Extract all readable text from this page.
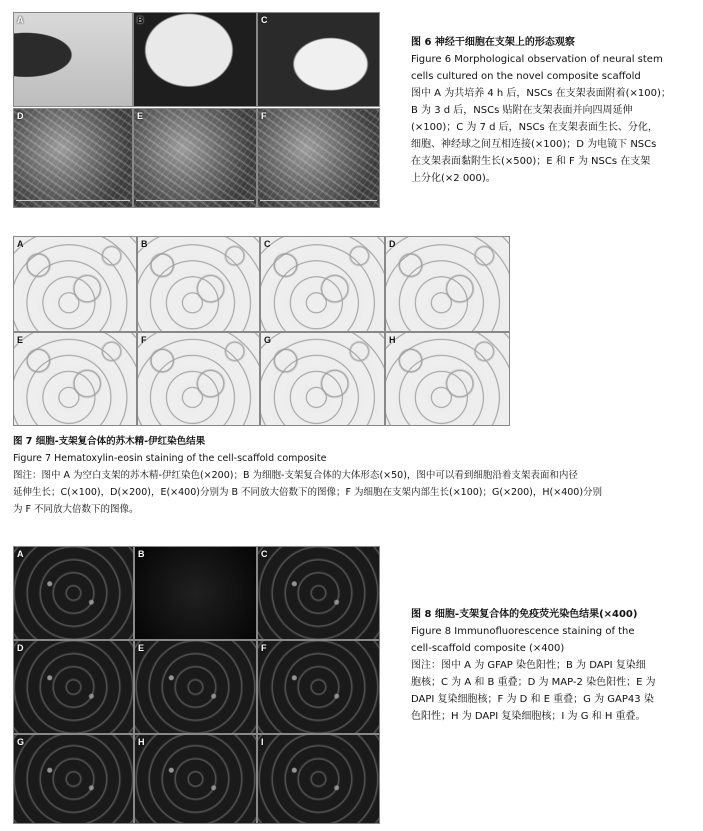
A	B	C
D	E	F

图 6 神经干细胞在支架上的形态观察

Figure 6 Morphological observation of neural stem

cells cultured on the novel composite scaffold

图中 A 为共培养 4 h 后，NSCs 在支架表面附着(×100)；

B 为 3 d 后，NSCs 贴附在支架表面并向四周延伸

(×100)；C 为 7 d 后，NSCs 在支架表面生长、分化，

细胞、神经球之间互相连接(×100)；D 为电镜下 NSCs

在支架表面黏附生长(×500)；E 和 F 为 NSCs 在支架

上分化(×2 000)。

A	B	C	D
E	F	G	H

图 7 细胞-支架复合体的苏木精-伊红染色结果

Figure 7 Hematoxylin-eosin staining of the cell-scaffold composite

图注：图中 A 为空白支架的苏木精-伊红染色(×200)；B 为细胞-支架复合体的大体形态(×50)，图中可以看到细胞沿着支架表面和内径

延伸生长；C(×100)，D(×200)，E(×400)分别为 B 不同放大倍数下的图像；F 为细胞在支架内部生长(×100)；G(×200)，H(×400)分别

为 F 不同放大倍数下的图像。

A	B	C
D	E	F
G	H	I

图 8 细胞-支架复合体的免疫荧光染色结果(×400)

Figure 8 Immunofluorescence staining of the

cell-scaffold composite (×400)

图注：图中 A 为 GFAP 染色阳性；B 为 DAPI 复染细

胞核；C 为 A 和 B 重叠；D 为 MAP-2 染色阳性；E 为

DAPI 复染细胞核；F 为 D 和 E 重叠；G 为 GAP43 染

色阳性；H 为 DAPI 复染细胞核；I 为 G 和 H 重叠。
